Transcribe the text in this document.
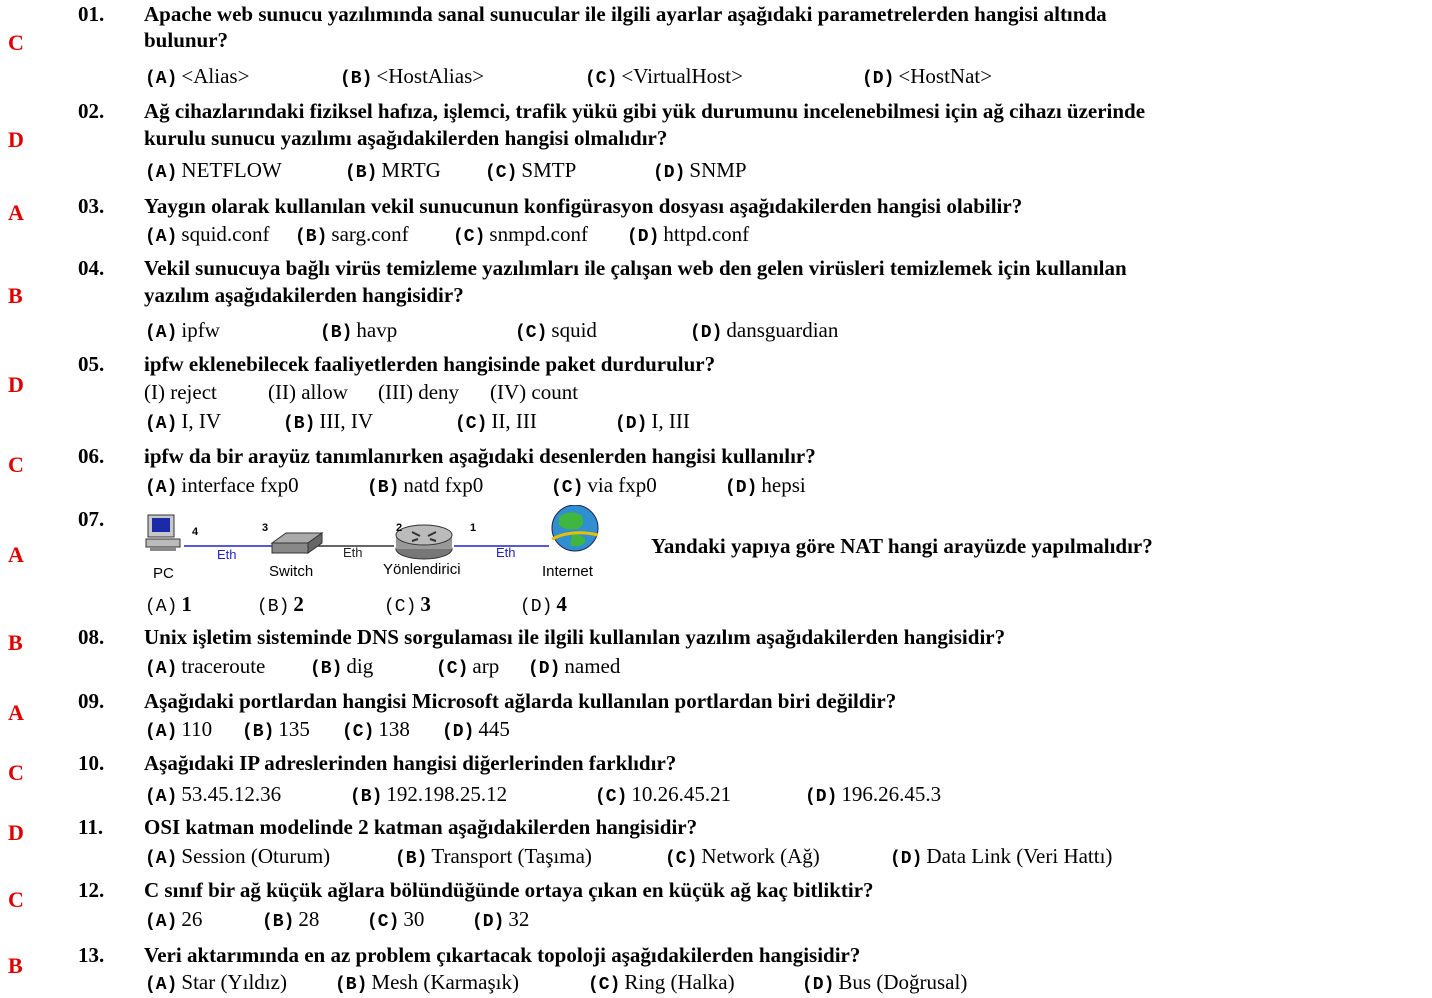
C
01. Apache web sunucu yazılımında sanal sunucular ile ilgili ayarlar aşağıdaki parametrelerden hangisi altında
bulunur?
(A) <Alias>	(B) <HostAlias>	(C) <VirtualHost>	(D) <HostNat>
D
02. Ağ cihazlarındaki fiziksel hafıza, işlemci, trafik yükü gibi yük durumunu incelenebilmesi için ağ cihazı üzerinde
kurulu sunucu yazılımı aşağıdakilerden hangisi olmalıdır?
(A) NETFLOW	(B) MRTG (C) SMTP	(D) SNMP
A	03. Yaygın olarak kullanılan vekil sunucunun konfigürasyon dosyası aşağıdakilerden hangisi olabilir?
(A) squid.conf (B) sarg.conf (C) snmpd.conf (D) httpd.conf
B
04. Vekil sunucuya bağlı virüs temizleme yazılımları ile çalışan web den gelen virüsleri temizlemek için kullanılan
yazılım aşağıdakilerden hangisidir?
(A) ipfw	(B) havp	(C) squid	(D) dansguardian
D
05. ipfw eklenebilecek faaliyetlerden hangisinde paket durdurulur?
(I) reject (II) allow (III) deny (IV) count
(A) I, IV	(B) III, IV	(C) II, III	(D) I, III
C	06. ipfw da bir arayüz tanımlanırken aşağıdaki desenlerden hangisi kullanılır?
(A) interface fxp0	(B) natd fxp0	(C) via fxp0	(D) hepsi
A
07.
4	3	2	1
Eth	Eth	Eth
PC	Switch	Yönlendirici	Internet
Yandaki yapıya göre NAT hangi arayüzde yapılmalıdır?
(A) 1	(B) 2	(C) 3	(D) 4
B	08. Unix işletim sisteminde DNS sorgulaması ile ilgili kullanılan yazılım aşağıdakilerden hangisidir?
(A) traceroute (B) dig	(C) arp (D) named
A	09. Aşağıdaki portlardan hangisi Microsoft ağlarda kullanılan portlardan biri değildir?
(A) 110 (B) 135 (C) 138 (D) 445
C	10. Aşağıdaki IP adreslerinden hangisi diğerlerinden farklıdır?
(A) 53.45.12.36	(B) 192.198.25.12	(C) 10.26.45.21	(D) 196.26.45.3
D	11. OSI katman modelinde 2 katman aşağıdakilerden hangisidir?
(A) Session (Oturum)	(B) Transport (Taşıma)	(C) Network (Ağ)	(D) Data Link (Veri Hattı)
C	12. C sınıf bir ağ küçük ağlara bölündüğünde ortaya çıkan en küçük ağ kaç bitliktir?
(A) 26	(B) 28	(C) 30	(D) 32
B	13. Veri aktarımında en az problem çıkartacak topoloji aşağıdakilerden hangisidir?
(A) Star (Yıldız)	(B) Mesh (Karmaşık)	(C) Ring (Halka)	(D) Bus (Doğrusal)
